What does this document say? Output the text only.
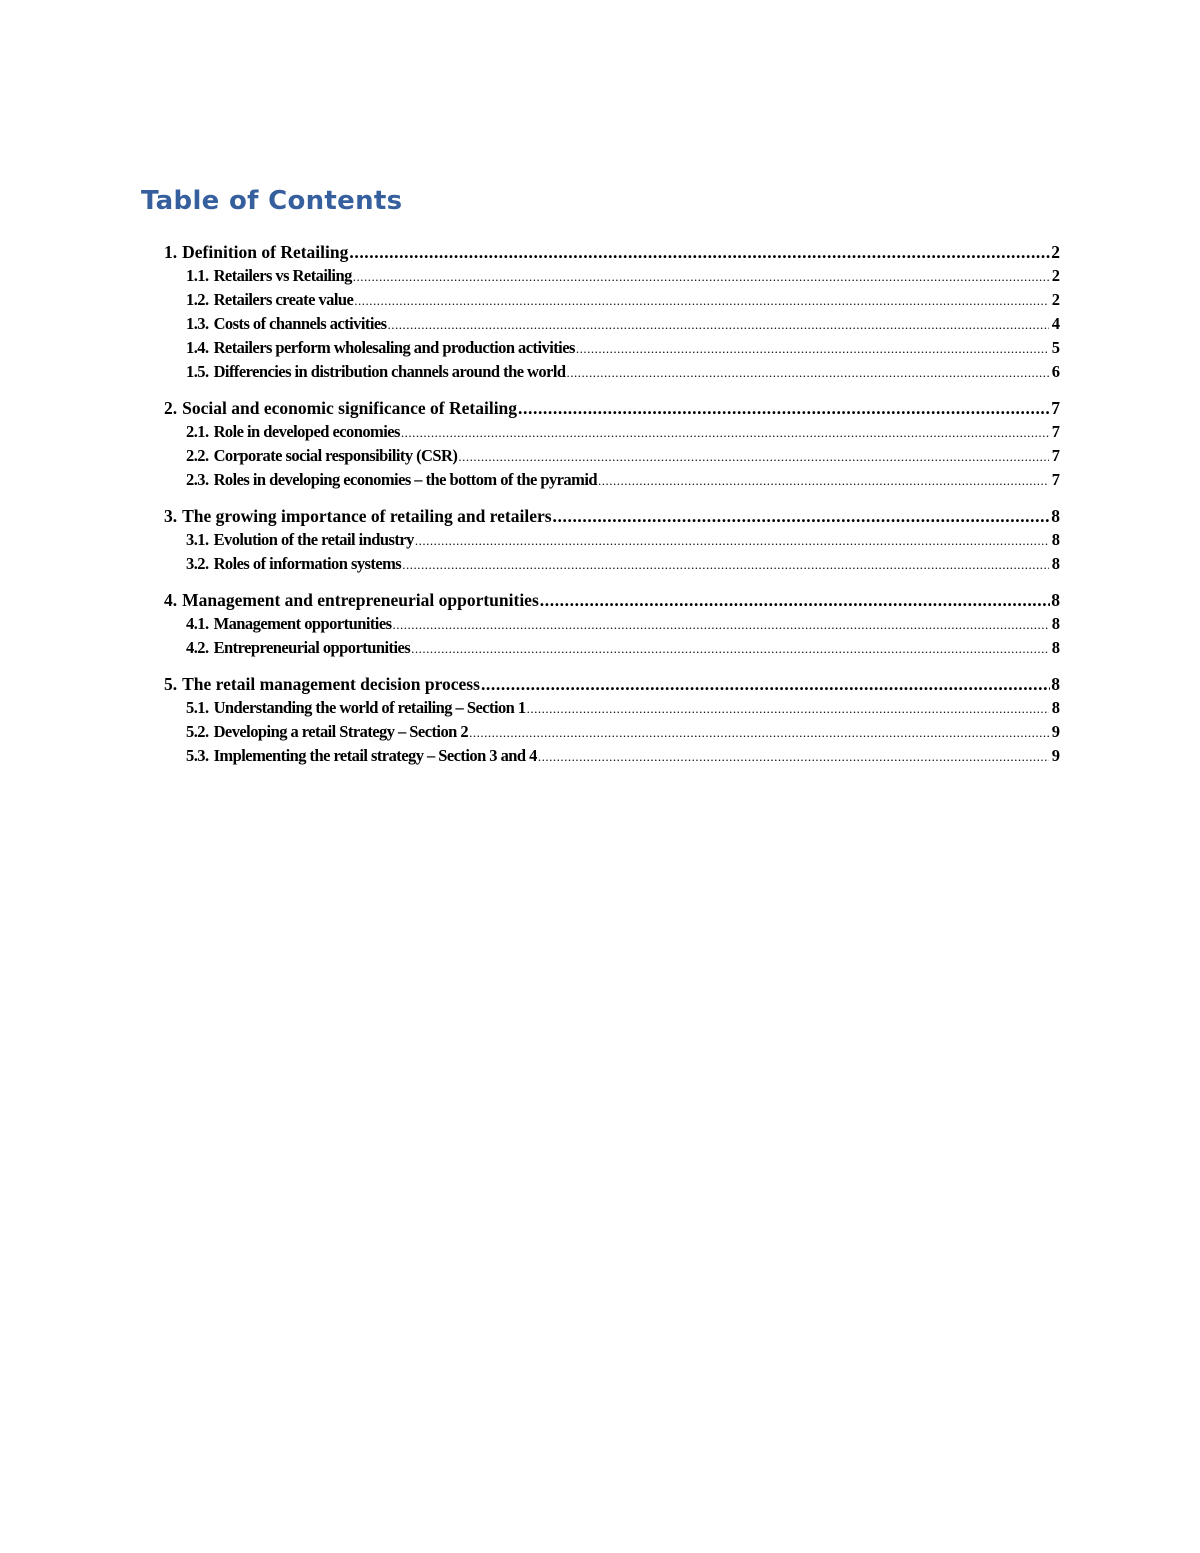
Table of Contents
1. Definition of Retailing .....	2
1.1. Retailers vs Retailing .....	2
1.2. Retailers create value .....	2
1.3. Costs of channels activities .....	4
1.4. Retailers perform wholesaling and production activities .....	5
1.5. Differencies in distribution channels around the world .....	6
2. Social and economic significance of Retailing .....	7
2.1. Role in developed economies .....	7
2.2. Corporate social responsibility (CSR) .....	7
2.3. Roles in developing economies – the bottom of the pyramid .....	7
3. The growing importance of retailing and retailers .....	8
3.1. Evolution of the retail industry .....	8
3.2. Roles of information systems .....	8
4. Management and entrepreneurial opportunities .....	8
4.1. Management opportunities .....	8
4.2. Entrepreneurial opportunities .....	8
5. The retail management decision process .....	8
5.1. Understanding the world of retailing – Section 1 .....	8
5.2. Developing a retail Strategy – Section 2 .....	9
5.3. Implementing the retail strategy – Section 3 and 4 .....	9
